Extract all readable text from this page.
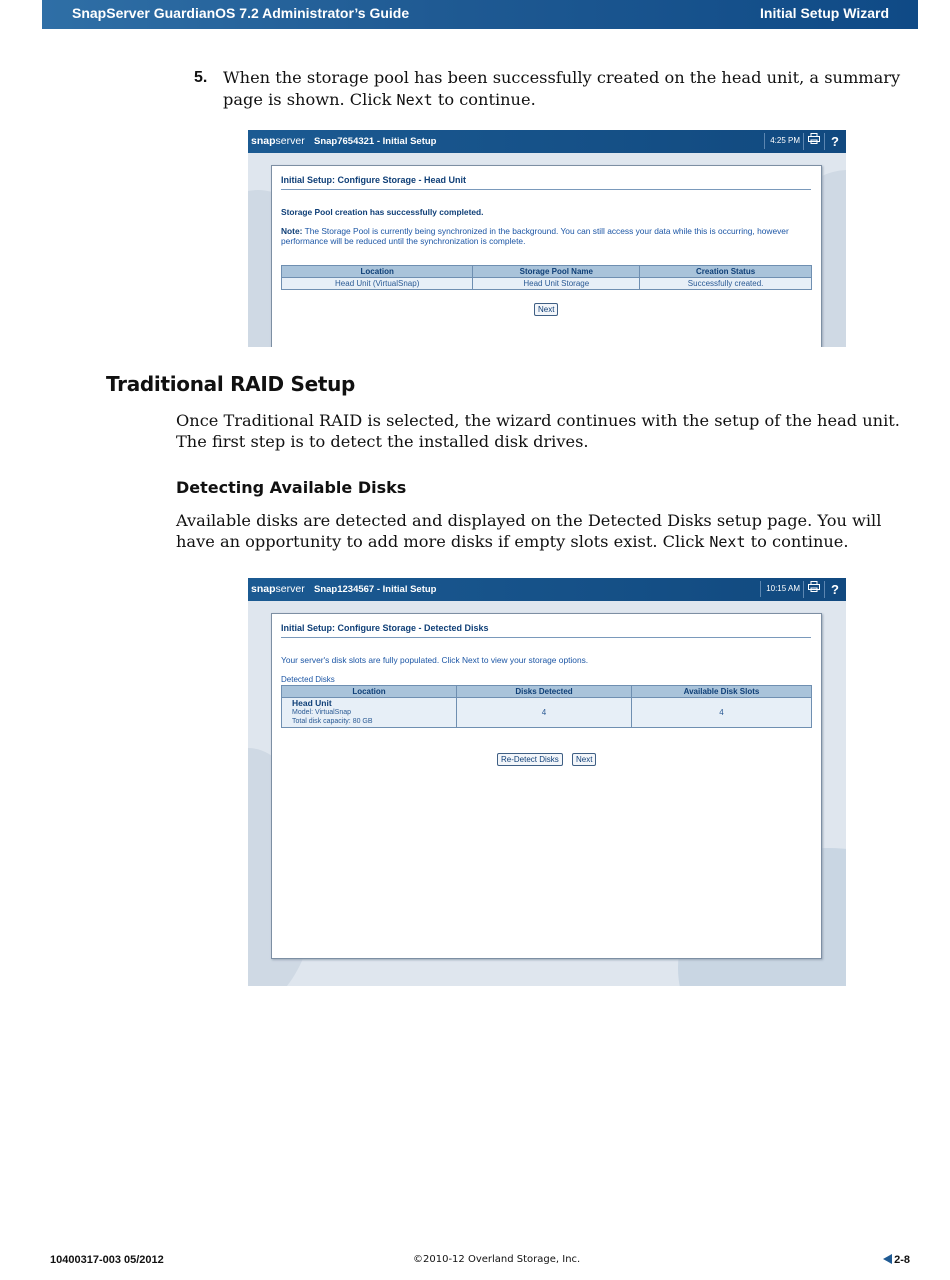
SnapServer GuardianOS 7.2 Administrator’s Guide	Initial Setup Wizard
5. When the storage pool has been successfully created on the head unit, a summary page is shown. Click Next to continue.
snapserver Snap7654321 - Initial Setup	4:25 PM	?
Initial Setup: Configure Storage - Head Unit
Storage Pool creation has successfully completed.
Note: The Storage Pool is currently being synchronized in the background. You can still access your data while this is occurring, however performance will be reduced until the synchronization is complete.
Location	Storage Pool Name	Creation Status
Head Unit (VirtualSnap)	Head Unit Storage	Successfully created.
Next
Traditional RAID Setup
Once Traditional RAID is selected, the wizard continues with the setup of the head unit. The first step is to detect the installed disk drives.
Detecting Available Disks
Available disks are detected and displayed on the Detected Disks setup page. You will have an opportunity to add more disks if empty slots exist. Click Next to continue.
snapserver Snap1234567 - Initial Setup	10:15 AM	?
Initial Setup: Configure Storage - Detected Disks
Your server's disk slots are fully populated. Click Next to view your storage options.
Detected Disks
Location	Disks Detected	Available Disk Slots

Head Unit
Model: VirtualSnap
Total disk capacity: 80 GB	4	4
Re-Detect Disks	Next
10400317-003 05/2012	©2010-12 Overland Storage, Inc.	2-8
